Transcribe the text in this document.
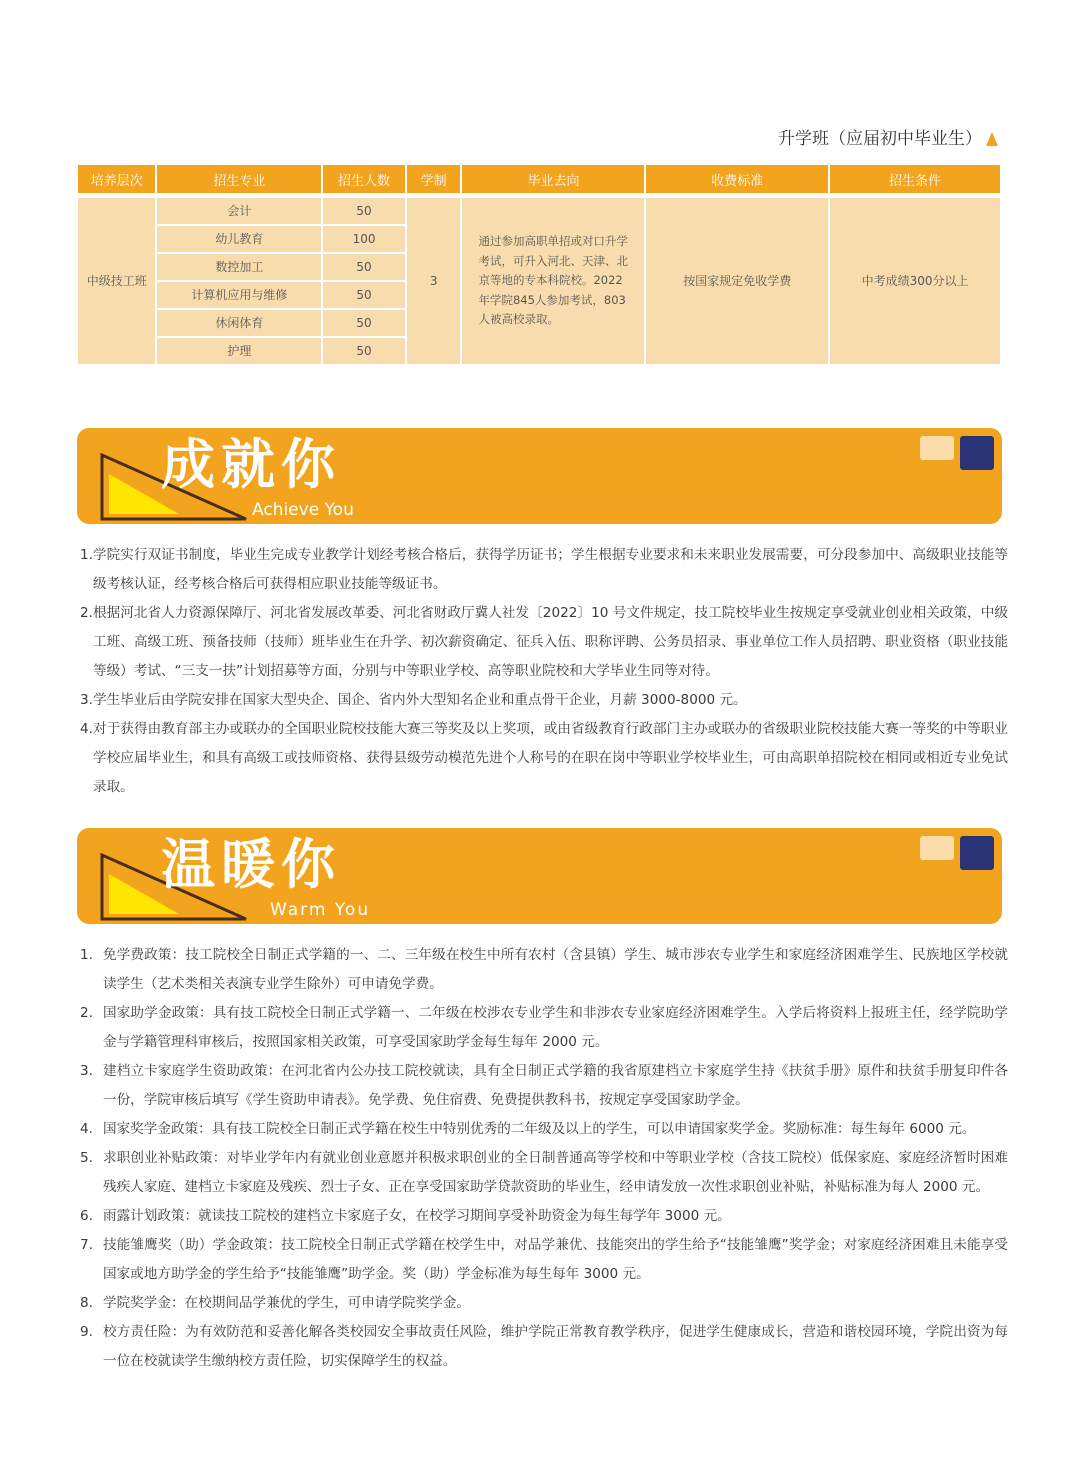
升学班（应届初中毕业生）
培养层次	招生专业	招生人数	学制	毕业去向	收费标准	招生条件
中级技工班	会计	50	3	通过参加高职单招或对口升学考试，可升入河北、天津、北京等地的专本科院校。2022年学院845人参加考试，803人被高校录取。	按国家规定免收学费	中考成绩300分以上
	幼儿教育	100				
	数控加工	50				
	计算机应用与维修	50				
	休闲体育	50				
	护理	50				
成就你
Achieve You
1. 学院实行双证书制度，毕业生完成专业教学计划经考核合格后，获得学历证书；学生根据专业要求和未来职业发展需要，可分段参加中、高级职业技能等级考核认证，经考核合格后可获得相应职业技能等级证书。
2. 根据河北省人力资源保障厅、河北省发展改革委、河北省财政厅冀人社发〔2022〕10 号文件规定，技工院校毕业生按规定享受就业创业相关政策，中级工班、高级工班、预备技师（技师）班毕业生在升学、初次薪资确定、征兵入伍、职称评聘、公务员招录、事业单位工作人员招聘、职业资格（职业技能等级）考试、“三支一扶”计划招募等方面，分别与中等职业学校、高等职业院校和大学毕业生同等对待。
3. 学生毕业后由学院安排在国家大型央企、国企、省内外大型知名企业和重点骨干企业，月薪 3000-8000 元。
4. 对于获得由教育部主办或联办的全国职业院校技能大赛三等奖及以上奖项，或由省级教育行政部门主办或联办的省级职业院校技能大赛一等奖的中等职业学校应届毕业生，和具有高级工或技师资格、获得县级劳动模范先进个人称号的在职在岗中等职业学校毕业生，可由高职单招院校在相同或相近专业免试录取。
温暖你
Warm You
1. 免学费政策：技工院校全日制正式学籍的一、二、三年级在校生中所有农村（含县镇）学生、城市涉农专业学生和家庭经济困难学生、民族地区学校就读学生（艺术类相关表演专业学生除外）可申请免学费。
2. 国家助学金政策：具有技工院校全日制正式学籍一、二年级在校涉农专业学生和非涉农专业家庭经济困难学生。入学后将资料上报班主任，经学院助学金与学籍管理科审核后，按照国家相关政策，可享受国家助学金每生每年 2000 元。
3. 建档立卡家庭学生资助政策：在河北省内公办技工院校就读，具有全日制正式学籍的我省原建档立卡家庭学生持《扶贫手册》原件和扶贫手册复印件各一份，学院审核后填写《学生资助申请表》。免学费、免住宿费、免费提供教科书，按规定享受国家助学金。
4. 国家奖学金政策：具有技工院校全日制正式学籍在校生中特别优秀的二年级及以上的学生，可以申请国家奖学金。奖励标准：每生每年 6000 元。
5. 求职创业补贴政策：对毕业学年内有就业创业意愿并积极求职创业的全日制普通高等学校和中等职业学校（含技工院校）低保家庭、家庭经济暂时困难残疾人家庭、建档立卡家庭及残疾、烈士子女、正在享受国家助学贷款资助的毕业生，经申请发放一次性求职创业补贴，补贴标准为每人 2000 元。
6. 雨露计划政策：就读技工院校的建档立卡家庭子女，在校学习期间享受补助资金为每生每学年 3000 元。
7. 技能雏鹰奖（助）学金政策：技工院校全日制正式学籍在校学生中，对品学兼优、技能突出的学生给予“技能雏鹰”奖学金；对家庭经济困难且未能享受国家或地方助学金的学生给予“技能雏鹰”助学金。奖（助）学金标准为每生每年 3000 元。
8. 学院奖学金：在校期间品学兼优的学生，可申请学院奖学金。
9. 校方责任险：为有效防范和妥善化解各类校园安全事故责任风险，维护学院正常教育教学秩序，促进学生健康成长，营造和谐校园环境，学院出资为每一位在校就读学生缴纳校方责任险，切实保障学生的权益。
